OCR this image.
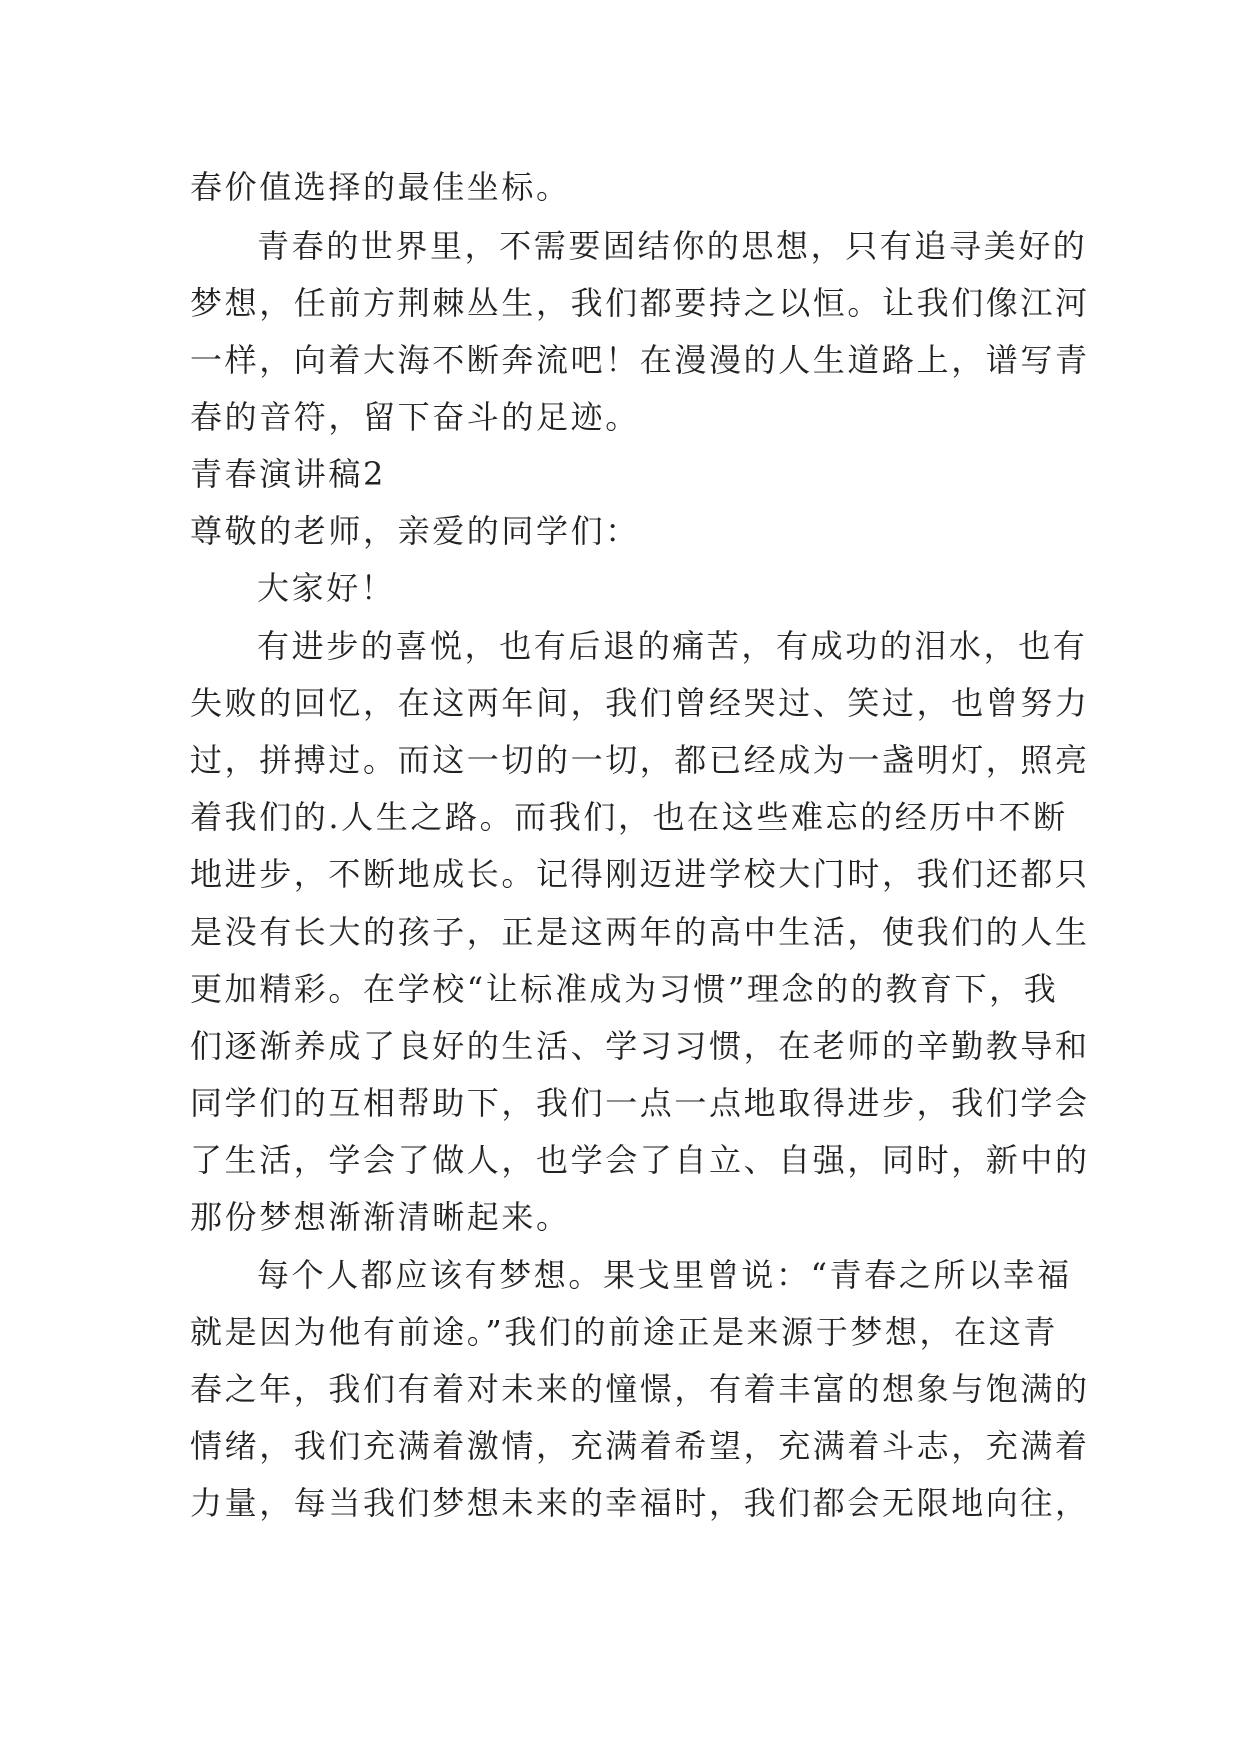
春价值选择的最佳坐标。
青春的世界里，不需要固结你的思想，只有追寻美好的
梦想，任前方荆棘丛生，我们都要持之以恒。让我们像江河
一样，向着大海不断奔流吧！在漫漫的人生道路上，谱写青
春的音符，留下奋斗的足迹。
青春演讲稿2
尊敬的老师，亲爱的同学们：
大家好！
有进步的喜悦，也有后退的痛苦，有成功的泪水，也有
失败的回忆，在这两年间，我们曾经哭过、笑过，也曾努力
过，拼搏过。而这一切的一切，都已经成为一盏明灯，照亮
着我们的.人生之路。而我们，也在这些难忘的经历中不断
地进步，不断地成长。记得刚迈进学校大门时，我们还都只
是没有长大的孩子，正是这两年的高中生活，使我们的人生
更加精彩。在学校“让标准成为习惯”理念的的教育下，我
们逐渐养成了良好的生活、学习习惯，在老师的辛勤教导和
同学们的互相帮助下，我们一点一点地取得进步，我们学会
了生活，学会了做人，也学会了自立、自强，同时，新中的
那份梦想渐渐清晰起来。
每个人都应该有梦想。果戈里曾说：“青春之所以幸福
就是因为他有前途。”我们的前途正是来源于梦想，在这青
春之年，我们有着对未来的憧憬，有着丰富的想象与饱满的
情绪，我们充满着激情，充满着希望，充满着斗志，充满着
力量，每当我们梦想未来的幸福时，我们都会无限地向往，
